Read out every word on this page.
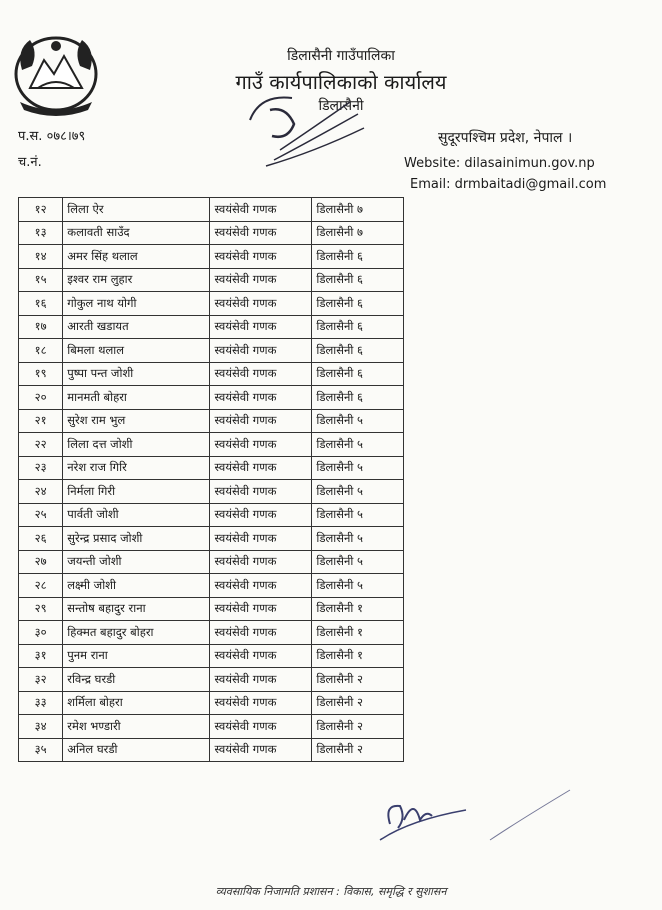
डिलासैनी गाउँपालिका
गाउँ कार्यपालिकाको कार्यालय
डिलासैनी
प.स. ०७८।७९
च.नं.
सुदूरपश्चिम प्रदेश, नेपाल ।
Website: dilasainimun.gov.np
Email: drmbaitadi@gmail.com
१२	लिला ऐर	स्वयंसेवी गणक	डिलासैनी ७
१३	कलावती साउँद	स्वयंसेवी गणक	डिलासैनी ७
१४	अमर सिंह थलाल	स्वयंसेवी गणक	डिलासैनी ६
१५	इश्वर राम लुहार	स्वयंसेवी गणक	डिलासैनी ६
१६	गोकुल नाथ योगी	स्वयंसेवी गणक	डिलासैनी ६
१७	आरती खडायत	स्वयंसेवी गणक	डिलासैनी ६
१८	बिमला थलाल	स्वयंसेवी गणक	डिलासैनी ६
१९	पुष्पा पन्त जोशी	स्वयंसेवी गणक	डिलासैनी ६
२०	मानमती बोहरा	स्वयंसेवी गणक	डिलासैनी ६
२१	सुरेश राम भुल	स्वयंसेवी गणक	डिलासैनी ५
२२	लिला दत्त जोशी	स्वयंसेवी गणक	डिलासैनी ५
२३	नरेश राज गिरि	स्वयंसेवी गणक	डिलासैनी ५
२४	निर्मला गिरी	स्वयंसेवी गणक	डिलासैनी ५
२५	पार्वती जोशी	स्वयंसेवी गणक	डिलासैनी ५
२६	सुरेन्द्र प्रसाद जोशी	स्वयंसेवी गणक	डिलासैनी ५
२७	जयन्ती जोशी	स्वयंसेवी गणक	डिलासैनी ५
२८	लक्ष्मी जोशी	स्वयंसेवी गणक	डिलासैनी ५
२९	सन्तोष बहादुर राना	स्वयंसेवी गणक	डिलासैनी १
३०	हिक्मत बहादुर बोहरा	स्वयंसेवी गणक	डिलासैनी १
३१	पुनम राना	स्वयंसेवी गणक	डिलासैनी १
३२	रविन्द्र घरडी	स्वयंसेवी गणक	डिलासैनी २
३३	शर्मिला बोहरा	स्वयंसेवी गणक	डिलासैनी २
३४	रमेश भण्डारी	स्वयंसेवी गणक	डिलासैनी २
३५	अनिल घरडी	स्वयंसेवी गणक	डिलासैनी २
व्यवसायिक निजामति प्रशासन : विकास, समृद्धि र सुशासन
